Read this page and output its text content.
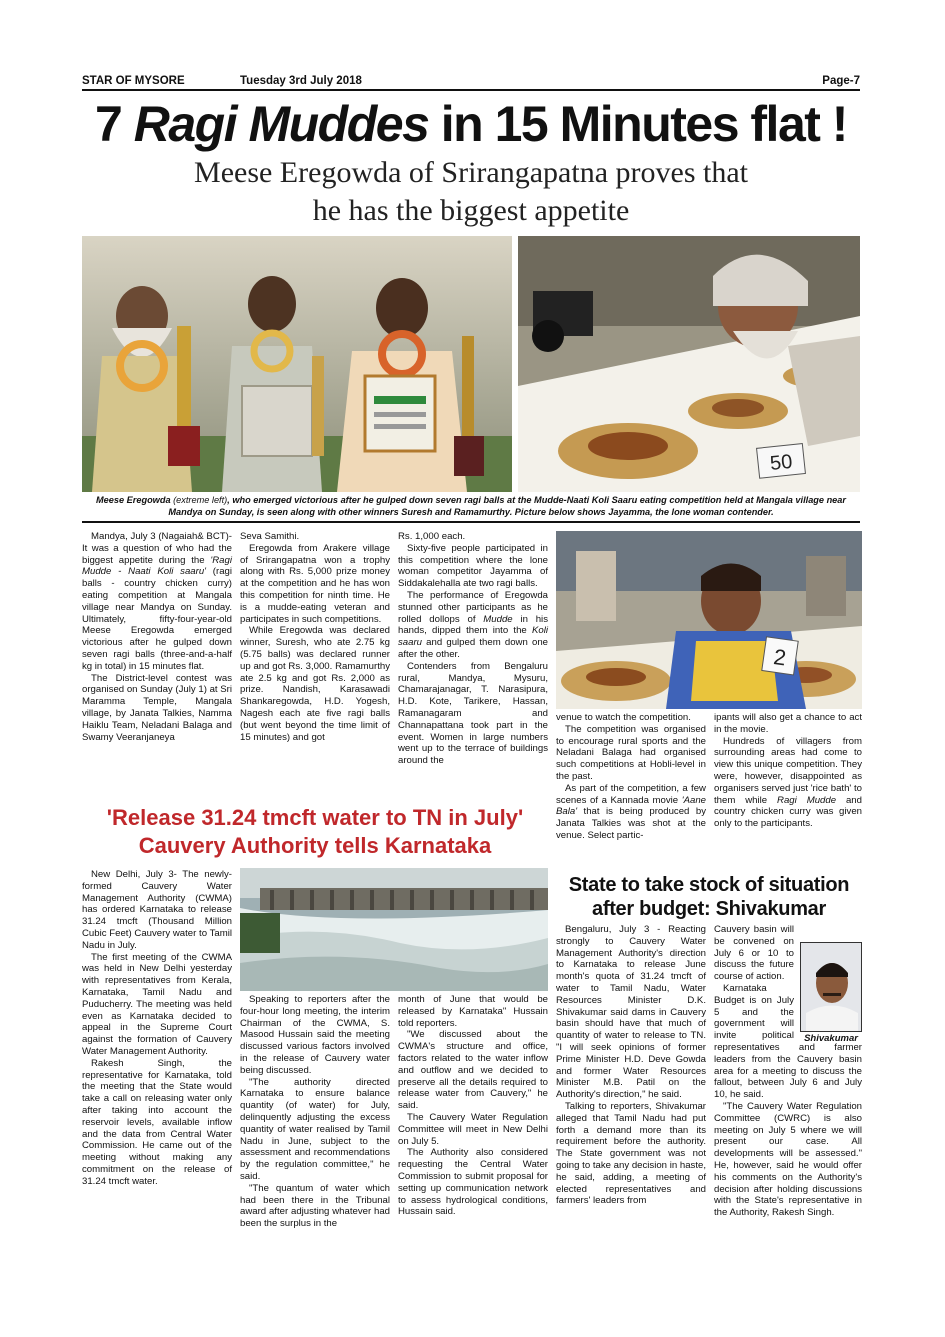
STAR OF MYSORE	Tuesday 3rd July 2018	Page-7
7 Ragi Muddes in 15 Minutes flat !
Meese Eregowda of Srirangapatna proves that
he has the biggest appetite
50
Meese Eregowda (extreme left), who emerged victorious after he gulped down seven ragi balls at the Mudde-Naati Koli Saaru eating competition held at Mangala village near Mandya on Sunday, is seen along with other winners Suresh and Ramamurthy. Picture below shows Jayamma, the lone woman contender.

Mandya, July 3 (Nagaiah& BCT)- It was a question of who had the biggest appetite during the 'Ragi Mudde - Naati Koli saaru' (ragi balls - country chicken curry) eating competition at Mangala village near Mandya on Sunday. Ultimately, fifty-four-year-old Meese Eregowda emerged victorious after he gulped down seven ragi balls (three-and-a-half kg in total) in 15 minutes flat.

The District-level contest was organised on Sunday (July 1) at Sri Maramma Temple, Mangala village, by Janata Talkies, Namma Haiklu Team, Neladani Balaga and Swamy Veeranjaneya

Seva Samithi.

Eregowda from Arakere village of Srirangapatna won a trophy along with Rs. 5,000 prize money at the competition and he has won this competition for ninth time. He is a mudde-eating veteran and participates in such competitions.

While Eregowda was declared winner, Suresh, who ate 2.75 kg (5.75 balls) was declared runner up and got Rs. 3,000. Ramamurthy ate 2.5 kg and got Rs. 2,000 as prize. Nandish, Karasawadi Shankaregowda, H.D. Yogesh, Nagesh each ate five ragi balls (but went beyond the time limit of 15 minutes) and got

Rs. 1,000 each.

Sixty-five people participated in this competition where the lone woman competitor Jayamma of Siddakalehalla ate two ragi balls.

The performance of Eregowda stunned other participants as he rolled dollops of Mudde in his hands, dipped them into the Koli saaru and gulped them down one after the other.

Contenders from Bengaluru rural, Mandya, Mysuru, Chamarajanagar, T. Narasipura, H.D. Kote, Tarikere, Hassan, Ramanagaram and Channapattana took part in the event. Women in large numbers went up to the terrace of buildings around the

2

venue to watch the competition.

The competition was organised to encourage rural sports and the Neladani Balaga had organised such competitions at Hobli-level in the past.

As part of the competition, a few scenes of a Kannada movie 'Aane Bala' that is being produced by Janata Talkies was shot at the venue. Select partic-

ipants will also get a chance to act in the movie.

Hundreds of villagers from surrounding areas had come to view this unique competition. They were, however, disappointed as organisers served just 'rice bath' to them while Ragi Mudde and country chicken curry was given only to the participants.

'Release 31.24 tmcft water to TN in July'
Cauvery Authority tells Karnataka

New Delhi, July 3- The newly-formed Cauvery Water Management Authority (CWMA) has ordered Karnataka to release 31.24 tmcft (Thousand Million Cubic Feet) Cauvery water to Tamil Nadu in July.

The first meeting of the CWMA was held in New Delhi yesterday with representatives from Kerala, Karnataka, Tamil Nadu and Puducherry. The meeting was held even as Karnataka decided to appeal in the Supreme Court against the formation of Cauvery Water Management Authority.

Rakesh Singh, the representative for Karnataka, told the meeting that the State would take a call on releasing water only after taking into account the reservoir levels, available inflow and the data from Central Water Commission. He came out of the meeting without making any commitment on the release of 31.24 tmcft water.

Speaking to reporters after the four-hour long meeting, the interim Chairman of the CWMA, S. Masood Hussain said the meeting discussed various factors involved in the release of Cauvery water being discussed.

"The authority directed Karnataka to ensure balance quantity (of water) for July, delinquently adjusting the excess quantity of water realised by Tamil Nadu in June, subject to the assessment and recommendations by the regulation committee," he said.

"The quantum of water which had been there in the Tribunal award after adjusting whatever had been the surplus in the

month of June that would be released by Karnataka" Hussain told reporters.

"We discussed about the CWMA's structure and office, factors related to the water inflow and outflow and we decided to preserve all the details required to release water from Cauvery," he said.

The Cauvery Water Regulation Committee will meet in New Delhi on July 5.

The Authority also considered requesting the Central Water Commission to submit proposal for setting up communication network to assess hydrological conditions, Hussain said.

State to take stock of situation
after budget: Shivakumar

Bengaluru, July 3 - Reacting strongly to Cauvery Water Management Authority's direction to Karnataka to release June month's quota of 31.24 tmcft of water to Tamil Nadu, Water Resources Minister D.K. Shivakumar said dams in Cauvery basin should have that much of quantity of water to release to TN. "I will seek opinions of former Prime Minister H.D. Deve Gowda and former Water Resources Minister M.B. Patil on the Authority's direction," he said.

Talking to reporters, Shivakumar alleged that Tamil Nadu had put forth a demand more than its requirement before the authority. The State government was not going to take any decision in haste, he said, adding, a meeting of elected representatives and farmers' leaders from

Shivakumar

Cauvery basin will be convened on July 6 or 10 to discuss the future course of action.

Karnataka Budget is on July 5 and the government will invite political representatives and farmer leaders from the Cauvery basin area for a meeting to discuss the fallout, between July 6 and July 10, he said.

"The Cauvery Water Regulation Committee (CWRC) is also meeting on July 5 where we will present our case. All developments will be assessed." He, however, said he would offer his comments on the Authority's decision after holding discussions with the State's representative in the Authority, Rakesh Singh.
